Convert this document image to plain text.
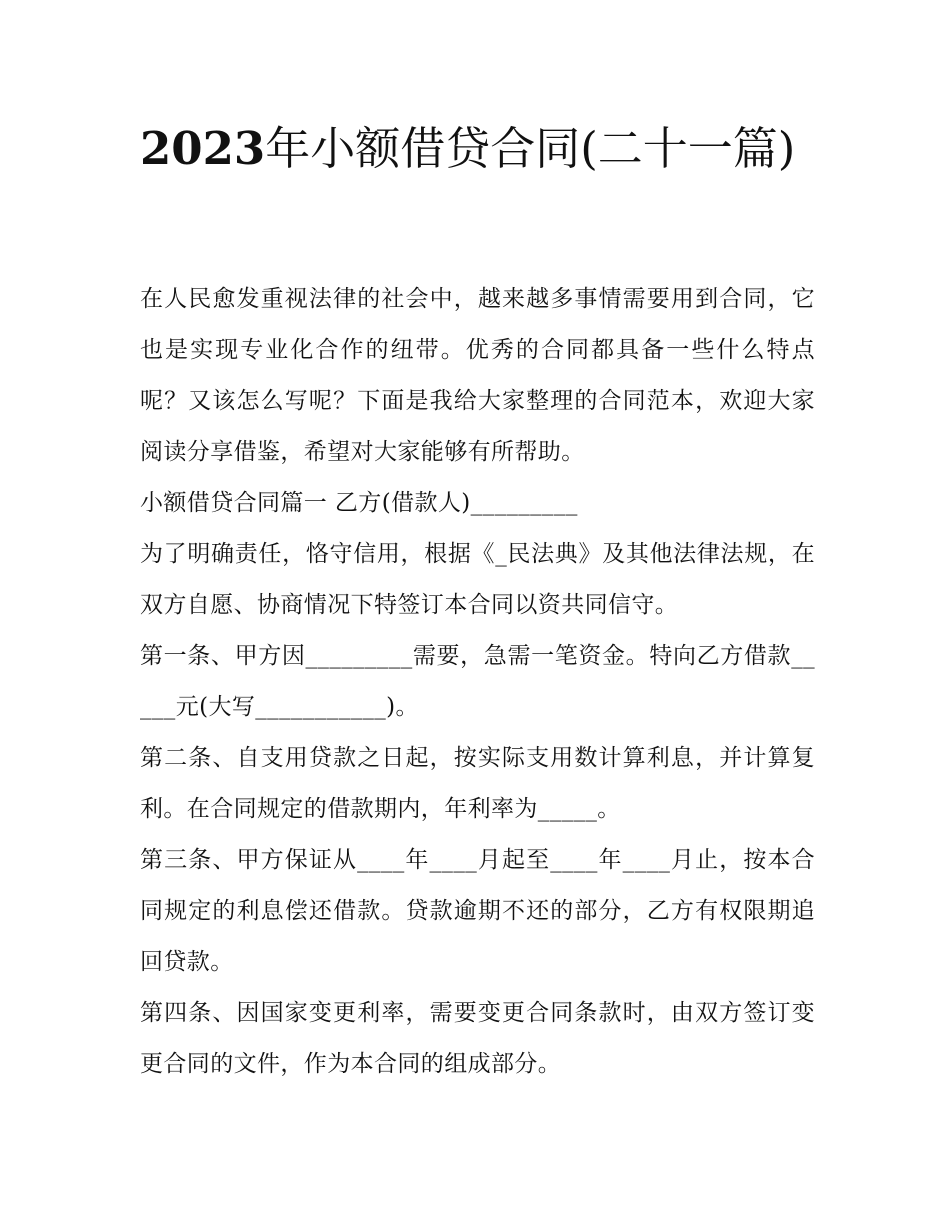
2023年小额借贷合同(二十一篇)

在人民愈发重视法律的社会中，越来越多事情需要用到合同，它也是实现专业化合作的纽带。优秀的合同都具备一些什么特点呢？又该怎么写呢？下面是我给大家整理的合同范本，欢迎大家阅读分享借鉴，希望对大家能够有所帮助。

小额借贷合同篇一 乙方(借款人)_________

为了明确责任，恪守信用，根据《_民法典》及其他法律法规，在双方自愿、协商情况下特签订本合同以资共同信守。

第一条、甲方因_________需要，急需一笔资金。特向乙方借款_____元(大写___________)。

第二条、自支用贷款之日起，按实际支用数计算利息，并计算复利。在合同规定的借款期内，年利率为_____。

第三条、甲方保证从____年____月起至____年____月止，按本合同规定的利息偿还借款。贷款逾期不还的部分，乙方有权限期追回贷款。

第四条、因国家变更利率，需要变更合同条款时，由双方签订变更合同的文件，作为本合同的组成部分。
